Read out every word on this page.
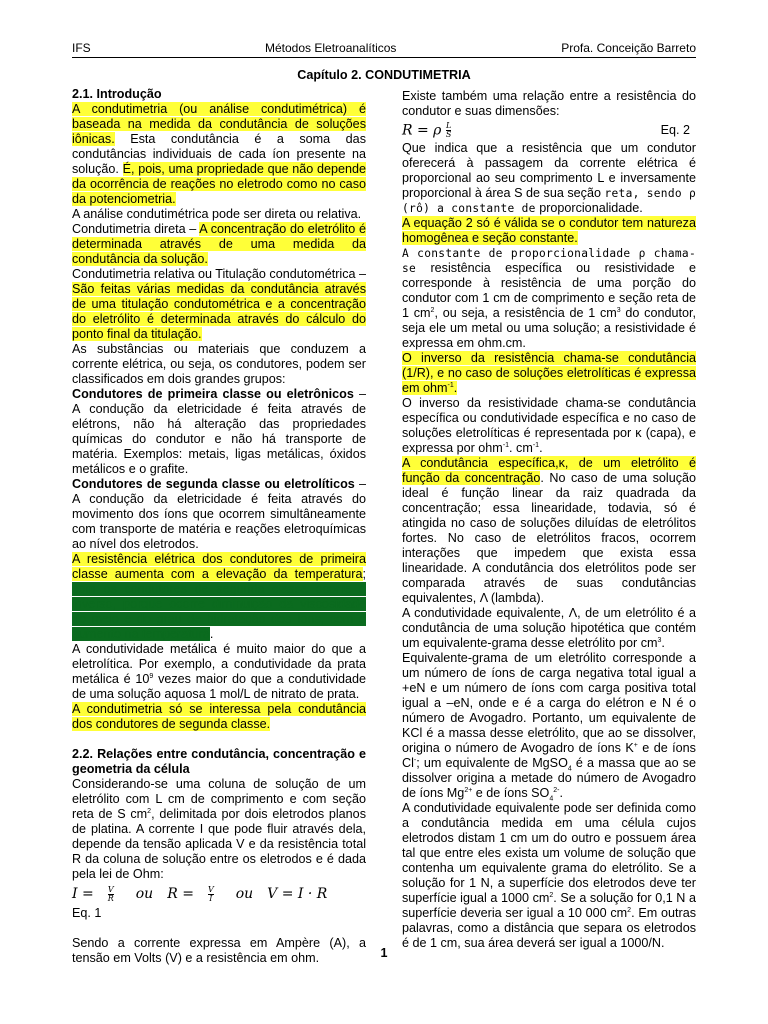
IFS	Métodos Eletroanalíticos	Profa. Conceição Barreto
Capítulo 2. CONDUTIMETRIA

2.1. Introdução

A condutimetria (ou análise condutimétrica) é baseada na medida da condutância de soluções iônicas. Esta condutância é a soma das condutâncias individuais de cada íon presente na solução. É, pois, uma propriedade que não depende da ocorrência de reações no eletrodo como no caso da potenciometria.

A análise condutimétrica pode ser direta ou relativa.

Condutimetria direta – A concentração do eletrólito é determinada através de uma medida da condutância da solução.

Condutimetria relativa ou Titulação condutométrica – São feitas várias medidas da condutância através de uma titulação condutométrica e a concentração do eletrólito é determinada através do cálculo do ponto final da titulação.

As substâncias ou materiais que conduzem a corrente elétrica, ou seja, os condutores, podem ser classificados em dois grandes grupos:

Condutores de primeira classe ou eletrônicos – A condução da eletricidade é feita através de elétrons, não há alteração das propriedades químicas do condutor e não há transporte de matéria. Exemplos: metais, ligas metálicas, óxidos metálicos e o grafite.

Condutores de segunda classe ou eletrolíticos – A condução da eletricidade é feita através do movimento dos íons que ocorrem simultâneamente com transporte de matéria e reações eletroquímicas ao nível dos eletrodos.

A resistência elétrica dos condutores de primeira classe aumenta com a elevação da temperatura; com os condutores de segunda classe ocorre o inverso, porque ocorre diminuição da viscosidade do meio e do grau de hidratação dos íons, com o aumento na temperatura.

A condutividade metálica é muito maior do que a eletrolítica. Por exemplo, a condutividade da prata metálica é $10^9$ vezes maior do que a condutividade de uma solução aquosa 1 mol/L de nitrato de prata.

A condutimetria só se interessa pela condutância dos condutores de segunda classe.

2.2. Relações entre condutância, concentração e geometria da célula

Considerando-se uma coluna de solução de um eletrólito com L cm de comprimento e com seção reta de S $cm^2$, delimitada por dois eletrodos planos de platina. A corrente I que pode fluir através dela, depende da tensão aplicada V e da resistência total R da coluna de solução entre os eletrodos e é dada pela lei de Ohm:

$I = \frac{V}{R}$ ou $R = \frac{V}{I}$ ou V = I · R

Eq. 1

Sendo a corrente expressa em Ampère (A), a tensão em Volts (V) e a resistência em ohm.

Existe também uma relação entre a resistência do condutor e suas dimensões:

R = ρ $\frac{L}{S}$	Eq. 2

Que indica que a resistência que um condutor oferecerá à passagem da corrente elétrica é proporcional ao seu comprimento L e inversamente proporcional à área S de sua seção reta, sendo ρ (rô) a constante de proporcionalidade.

A equação 2 só é válida se o condutor tem natureza homogênea e seção constante.

A constante de proporcionalidade ρ chama-se resistência específica ou resistividade e corresponde à resistência de uma porção do condutor com 1 cm de comprimento e seção reta de 1 $cm^2$, ou seja, a resistência de 1 $cm^3$ do condutor, seja ele um metal ou uma solução; a resistividade é expressa em ohm.cm.

O inverso da resistência chama-se condutância (1/R), e no caso de soluções eletrolíticas é expressa em ohm$^{-1}$.

O inverso da resistividade chama-se condutância específica ou condutividade específica e no caso de soluções eletrolíticas é representada por κ (capa), e expressa por ohm$^{-1}$. $cm^{-1}$.

A condutância específica,κ, de um eletrólito é função da concentração. No caso de uma solução ideal é função linear da raiz quadrada da concentração; essa linearidade, todavia, só é atingida no caso de soluções diluídas de eletrólitos fortes. No caso de eletrólitos fracos, ocorrem interações que impedem que exista essa linearidade. A condutância dos eletrólitos pode ser comparada através de suas condutâncias equivalentes, Λ (lambda).

A condutividade equivalente, Λ, de um eletrólito é a condutância de uma solução hipotética que contém um equivalente-grama desse eletrólito por $cm^3$.

Equivalente-grama de um eletrólito corresponde a um número de íons de carga negativa total igual a +eN e um número de íons com carga positiva total igual a –eN, onde e é a carga do elétron e N é o número de Avogadro. Portanto, um equivalente de KCl é a massa desse eletrólito, que ao se dissolver, origina o número de Avogadro de íons K+ e de íons Cl-; um equivalente de MgSO$_4$ é a massa que ao se dissolver origina a metade do número de Avogadro de íons $Mg^{2+}$ e de íons $SO_4^{2-}$.

A condutividade equivalente pode ser definida como a condutância medida em uma célula cujos eletrodos distam 1 cm um do outro e possuem área tal que entre eles exista um volume de solução que contenha um equivalente grama do eletrólito. Se a solução for 1 N, a superfície dos eletrodos deve ter superfície igual a 1000 $cm^2$. Se a solução for 0,1 N a superfície deveria ser igual a 10 000 $cm^2$. Em outras palavras, como a distância que separa os eletrodos é de 1 cm, sua área deverá ser igual a 1000/N.

1
